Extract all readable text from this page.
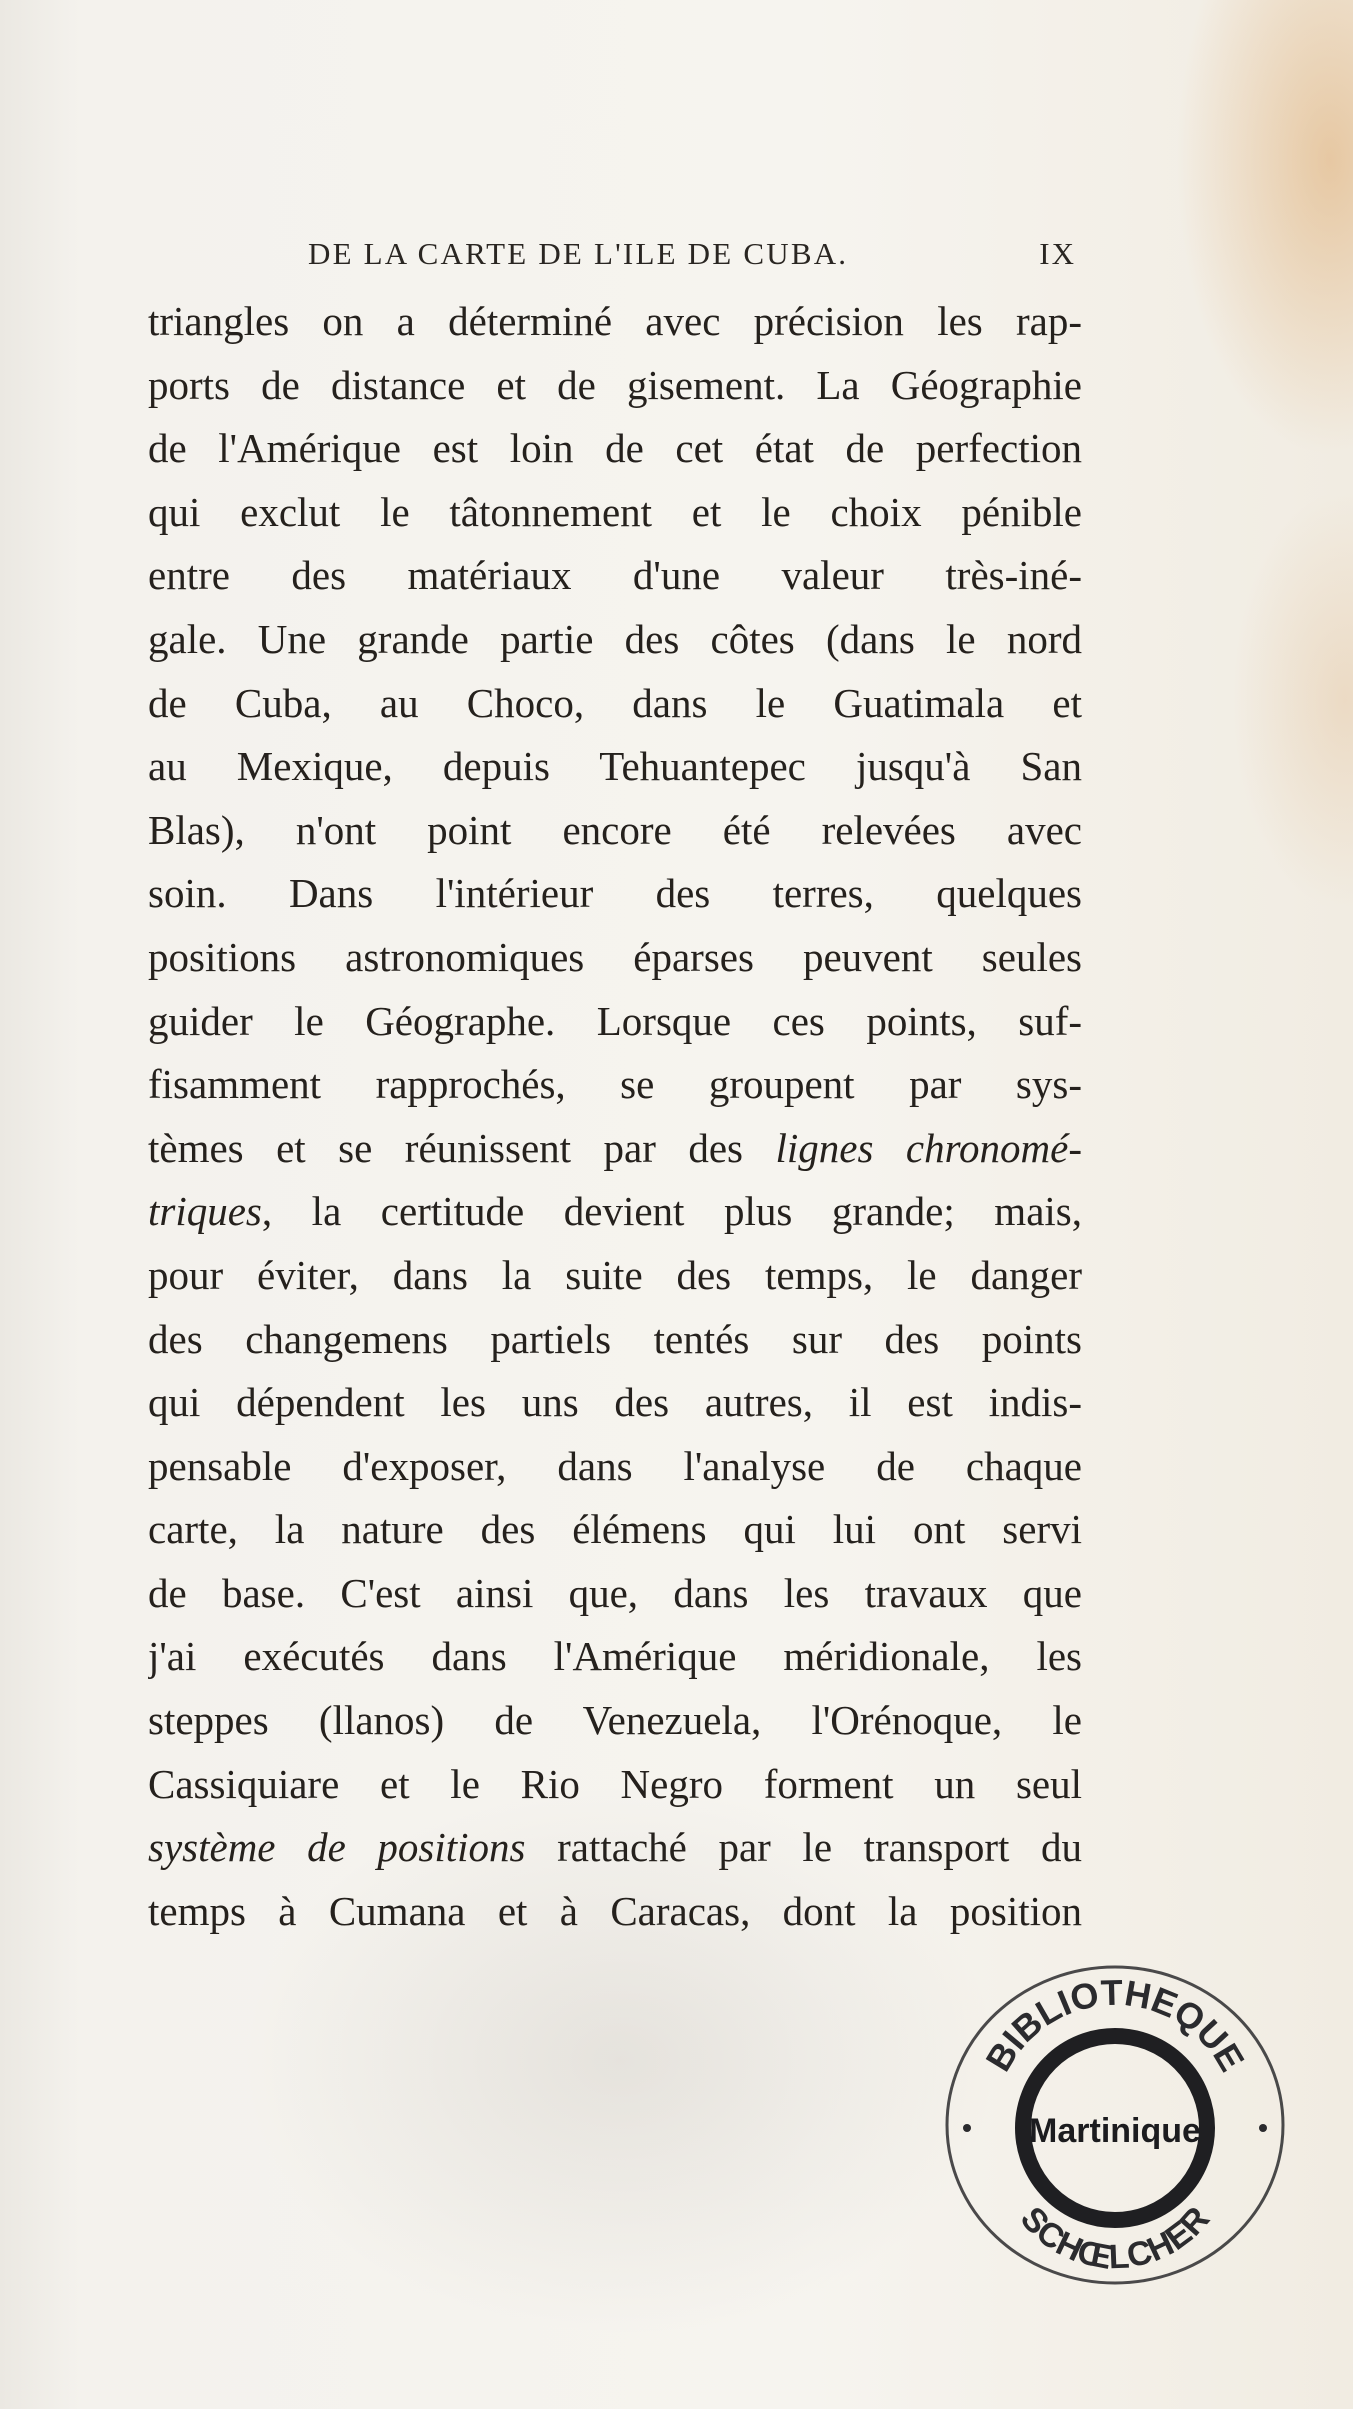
DE LA CARTE DE L'ILE DE CUBA.	IX
triangles on a déterminé avec précision les rap-
ports de distance et de gisement. La Géographie
de l'Amérique est loin de cet état de perfection
qui exclut le tâtonnement et le choix pénible
entre des matériaux d'une valeur très-iné-
gale. Une grande partie des côtes (dans le nord
de Cuba, au Choco, dans le Guatimala et
au Mexique, depuis Tehuantepec jusqu'à San
Blas), n'ont point encore été relevées avec
soin. Dans l'intérieur des terres, quelques
positions astronomiques éparses peuvent seules
guider le Géographe. Lorsque ces points, suf-
fisamment rapprochés, se groupent par sys-
tèmes et se réunissent par des lignes chronomé-
triques, la certitude devient plus grande; mais,
pour éviter, dans la suite des temps, le danger
des changemens partiels tentés sur des points
qui dépendent les uns des autres, il est indis-
pensable d'exposer, dans l'analyse de chaque
carte, la nature des élémens qui lui ont servi
de base. C'est ainsi que, dans les travaux que
j'ai exécutés dans l'Amérique méridionale, les
steppes (llanos) de Venezuela, l'Orénoque, le
Cassiquiare et le Rio Negro forment un seul
système de positions rattaché par le transport du
temps à Cumana et à Caracas, dont la position
BIBLIOTHEQUE
Martinique
SCHŒLCHER
